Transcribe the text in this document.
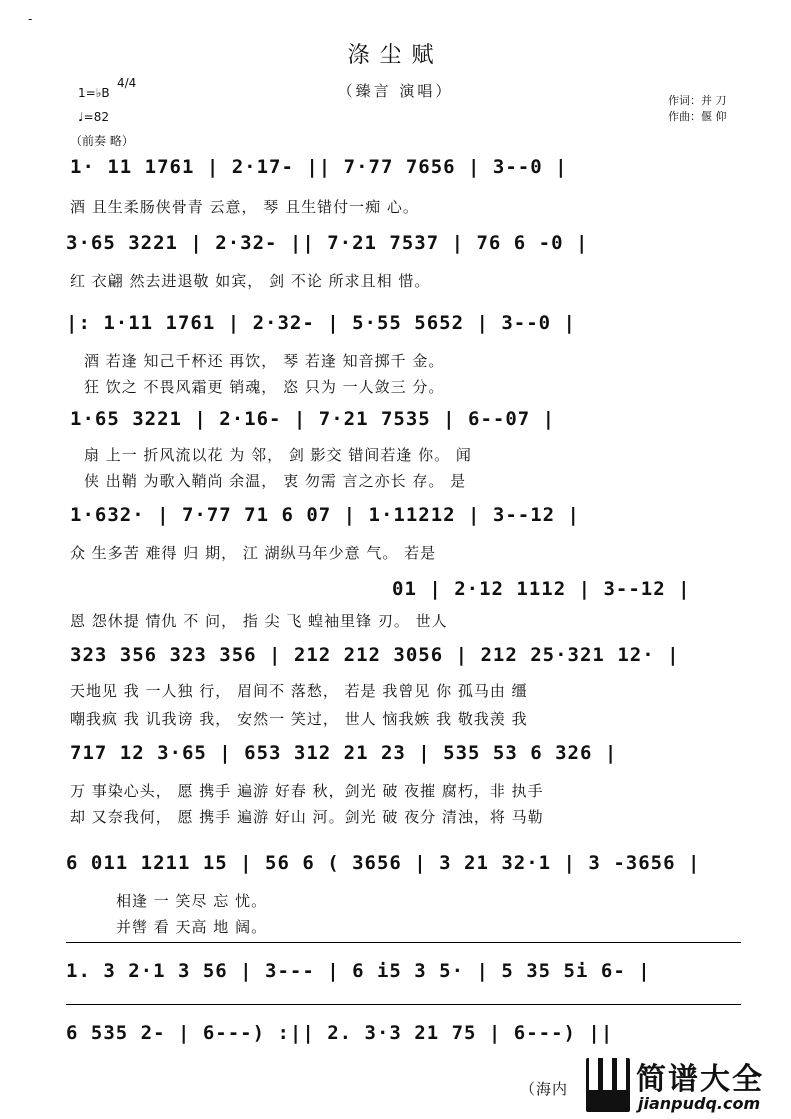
-
涤尘赋
（臻言 演唱）
1=♭B
4/4
♩=82
（前奏 略）
作词：并 刀
作曲：偃 仰
1· 11 1761 | 2·17- || 7·77 7656 | 3--0 |
酒 且生柔肠侠骨青 云意， 琴 且生错付一痴 心。
3·65 3221 | 2·32- || 7·21 7537 | 76 6 -0 |
红 衣翩 然去进退敬 如宾， 剑 不论 所求且相 惜。
|: 1·11 1761 | 2·32- | 5·55 5652 | 3--0 |
酒 若逢 知己千杯还 再饮， 琴 若逢 知音掷千 金。
狂 饮之 不畏风霜更 销魂， 恣 只为 一人敛三 分。
1·65 3221 | 2·16- | 7·21 7535 | 6--07 |
扇 上一 折风流以花 为 邻， 剑 影交 错间若逢 你。 闻
侠 出鞘 为歌入鞘尚 余温， 衷 勿需 言之亦长 存。 是
1·632· | 7·77 71 6 07 | 1·11212 | 3--12 |
众 生多苦 难得 归 期， 江 湖纵马年少意 气。 若是
01 | 2·12 1112 | 3--12 |
恩 怨休提 情仇 不 问， 指 尖 飞 蝗袖里锋 刃。 世人
323 356 323 356 | 212 212 3056 | 212 25·321 12· |
天地见 我 一人独 行， 眉间不 落愁， 若是 我曾见 你 孤马由 缰
嘲我疯 我 讥我谤 我， 安然一 笑过， 世人 恼我嫉 我 敬我羡 我
717 12 3·65 | 653 312 21 23 | 535 53 6 326 |
万 事染心头， 愿 携手 遍游 好春 秋，剑光 破 夜摧 腐朽，非 执手
却 又奈我何， 愿 携手 遍游 好山 河。剑光 破 夜分 清浊，将 马勒
6 011 1211 15 | 56 6 ( 3656 | 3 21 32·1 | 3 -3656 |
相逢 一 笑尽 忘 忧。
并辔 看 天高 地 阔。
1. 3 2·1 3 56 | 3--- | 6 i5 3 5· | 5 35 5i 6- |
6 535 2- | 6---) :|| 2. 3·3 21 75 | 6---) ||
（海内 简谱大全
jianpudq.com
